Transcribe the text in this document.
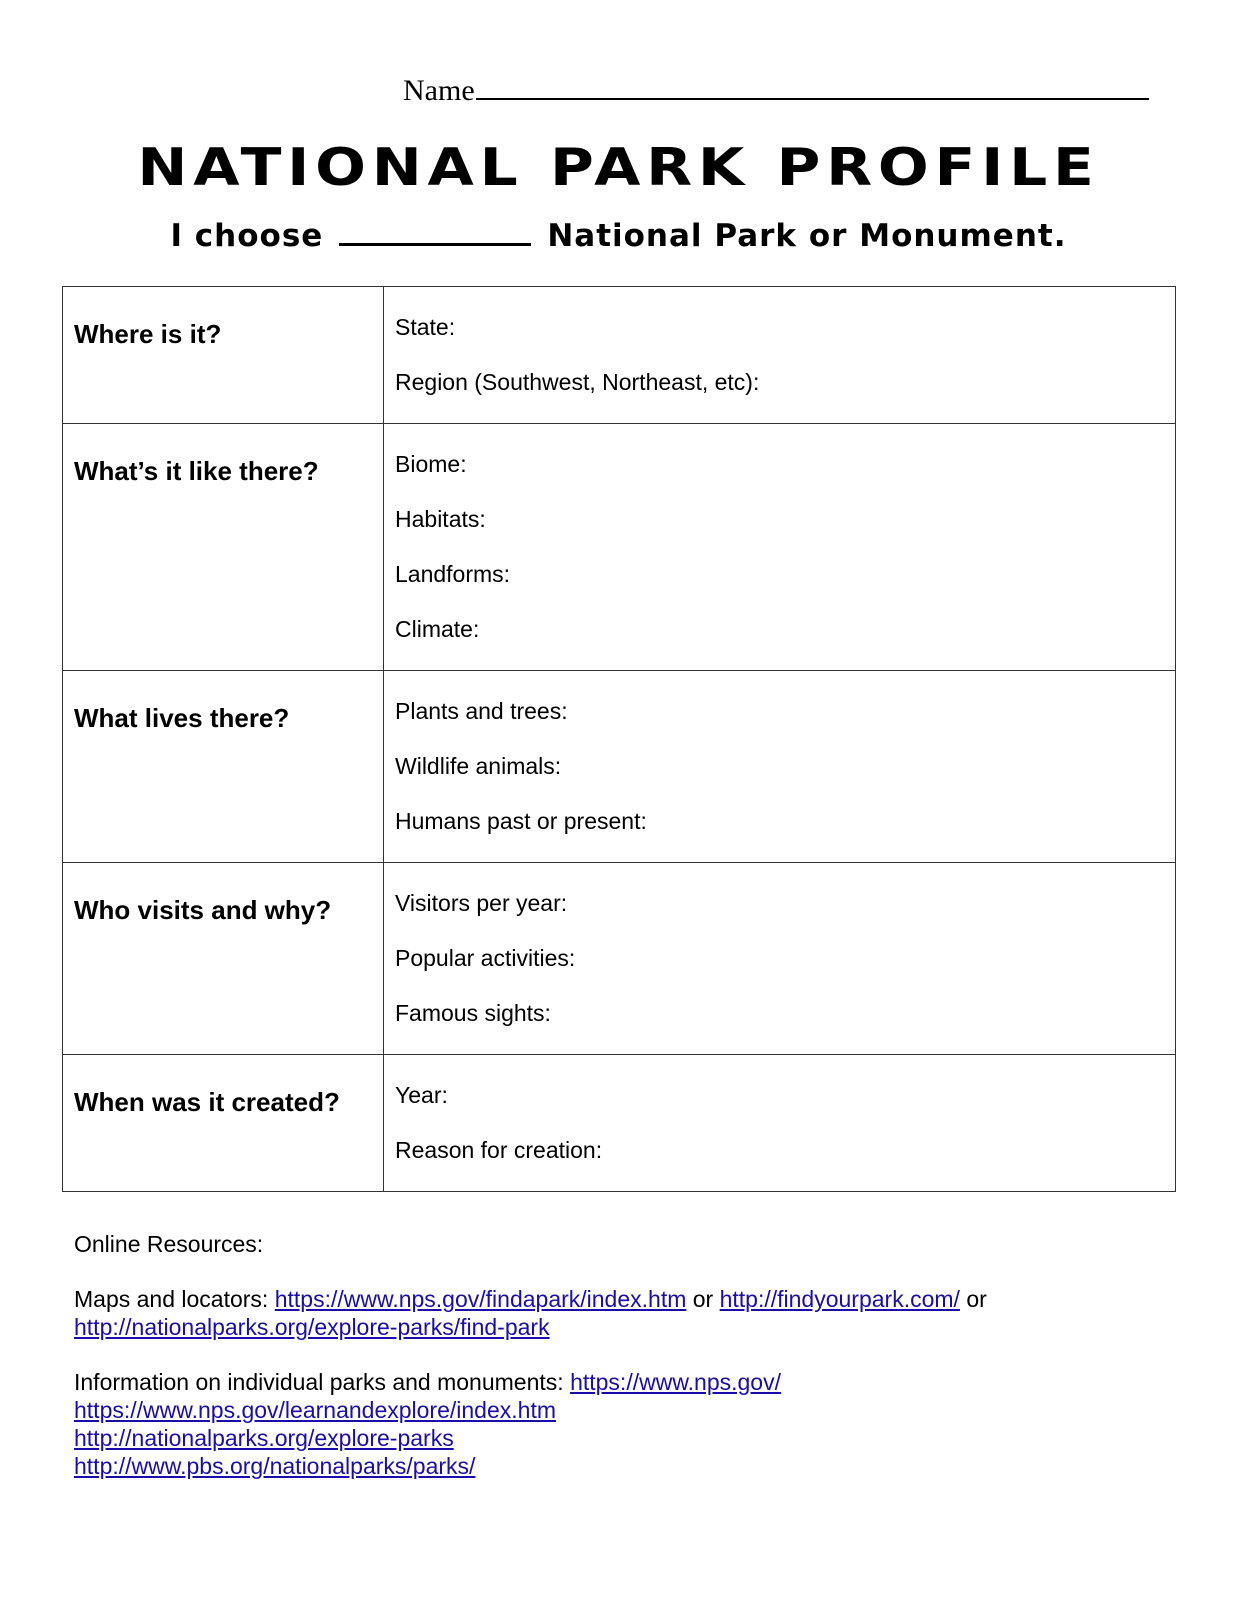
Name
NATIONAL PARK PROFILE
I choose	National Park or Monument.
Where is it?	State:
Region (Southwest, Northeast, etc):

What’s it like there?	Biome:
Habitats:
Landforms:
Climate:

What lives there?	Plants and trees:
Wildlife animals:
Humans past or present:

Who visits and why?	Visitors per year:
Popular activities:
Famous sights:

When was it created?	Year:
Reason for creation:

Online Resources:

Maps and locators: https://www.nps.gov/findapark/index.htm or http://findyourpark.com/ or
http://nationalparks.org/explore-parks/find-park

Information on individual parks and monuments: https://www.nps.gov/
https://www.nps.gov/learnandexplore/index.htm
http://nationalparks.org/explore-parks
http://www.pbs.org/nationalparks/parks/
